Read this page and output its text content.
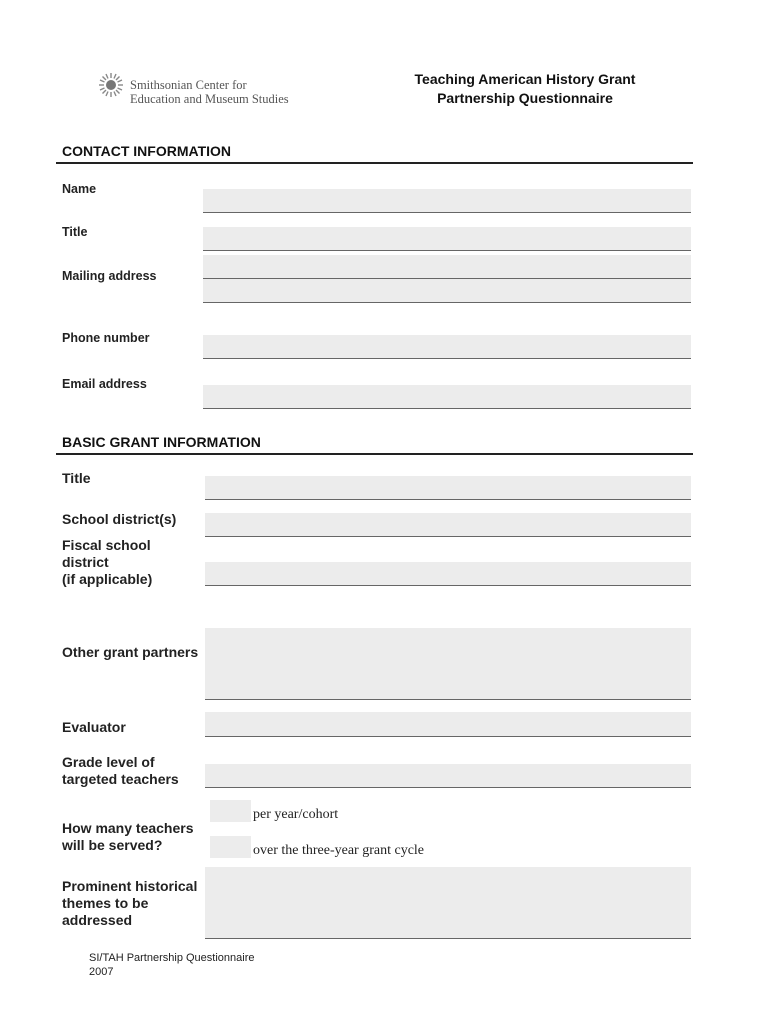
Smithsonian Center for
Education and Museum Studies
Teaching American History Grant
Partnership Questionnaire
CONTACT INFORMATION
Name
Title
Mailing address
Phone number
Email address
BASIC GRANT INFORMATION
Title
School district(s)
Fiscal school
district
(if applicable)
Other grant partners
Evaluator
Grade level of
targeted teachers
How many teachers
will be served?
per year/cohort
over the three-year grant cycle
Prominent historical
themes to be
addressed
SI/TAH Partnership Questionnaire
2007
